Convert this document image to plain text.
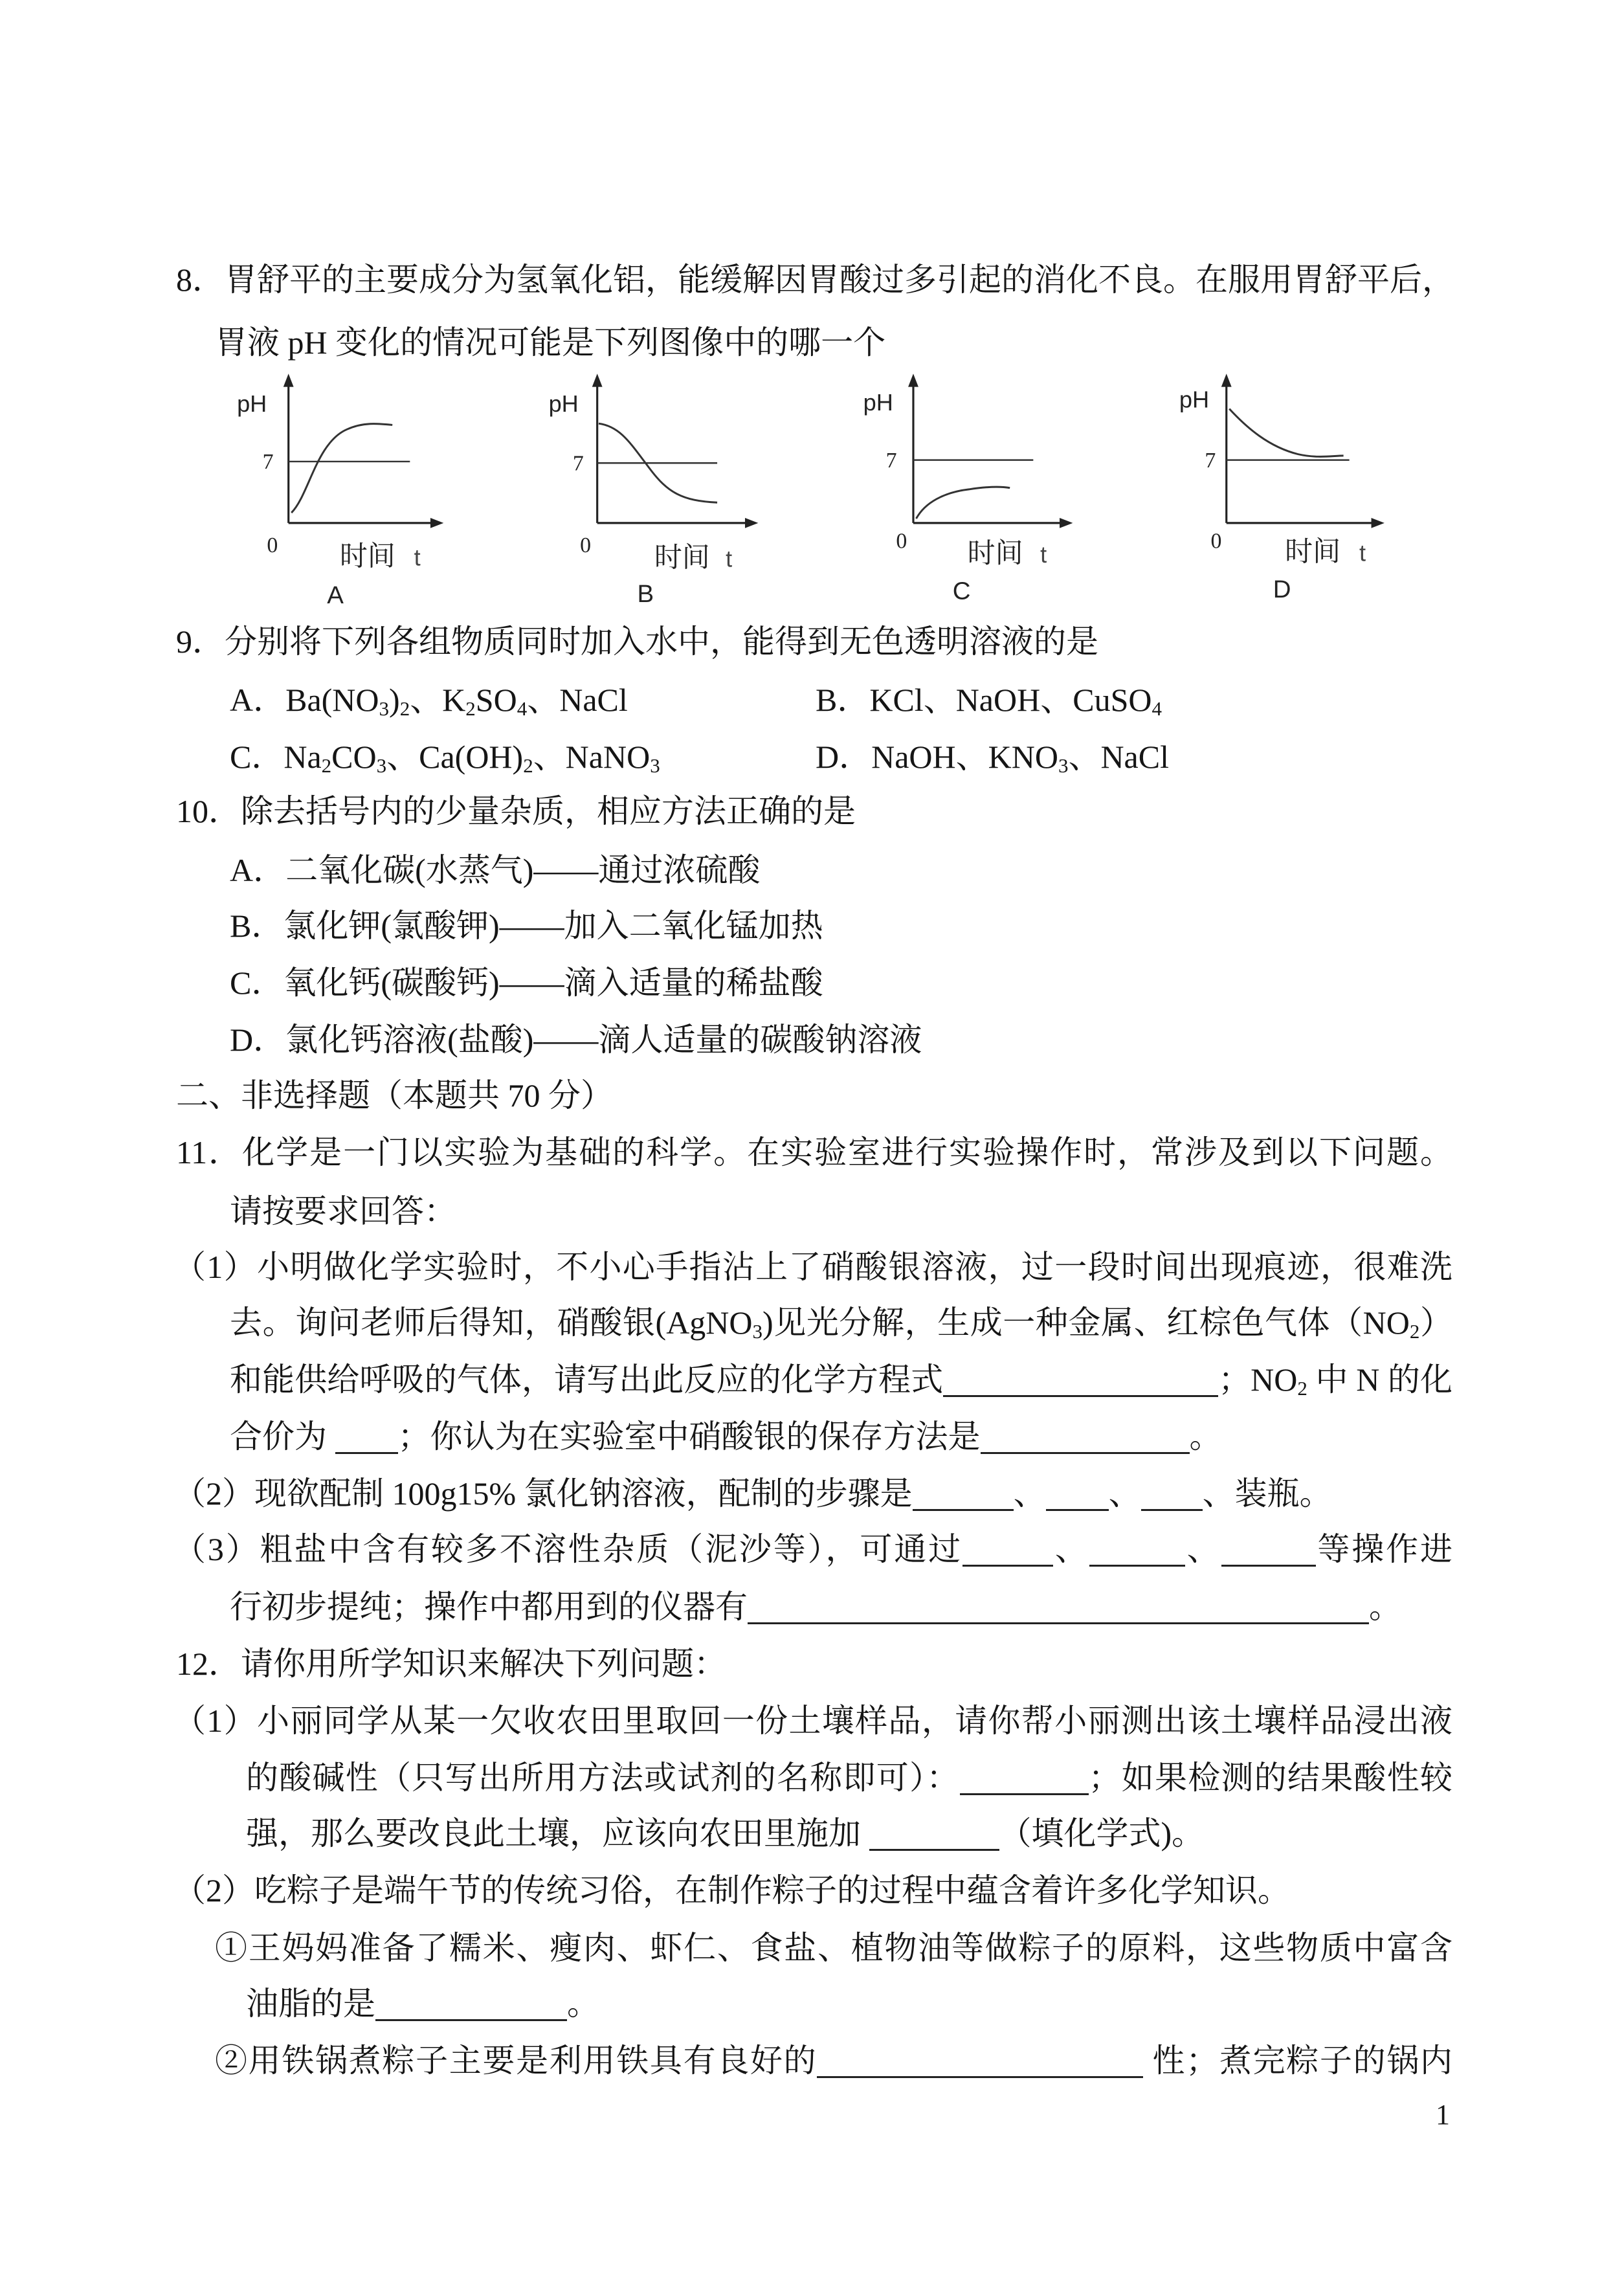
8．胃舒平的主要成分为氢氧化铝，能缓解因胃酸过多引起的消化不良。在服用胃舒平后，
胃液 pH 变化的情况可能是下列图像中的哪一个
pH
7
0	时间 t
A
pH
7
0	时间 t
B
pH
7
0	时间 t
C
pH
7
0	时间 t
D
9．分别将下列各组物质同时加入水中，能得到无色透明溶液的是
A．$Ba(NO_3)_2$、$K_2SO_4$、NaCl	B．KCl、NaOH、CuSO$_4$
C．$Na_2CO_3$、$Ca(OH)_2$、NaNO$_3$	D．NaOH、$KNO_3$、NaCl
10．除去括号内的少量杂质，相应方法正确的是
A．二氧化碳(水蒸气)——通过浓硫酸
B．氯化钾(氯酸钾)——加入二氧化锰加热
C．氧化钙(碳酸钙)——滴入适量的稀盐酸
D．氯化钙溶液(盐酸)——滴人适量的碳酸钠溶液
二、非选择题（本题共 70 分）
11．化学是一门以实验为基础的科学。在实验室进行实验操作时，常涉及到以下问题。
请按要求回答：
（1）小明做化学实验时，不小心手指沾上了硝酸银溶液，过一段时间出现痕迹，很难洗
去。询问老师后得知，硝酸银(AgNO$_3$)见光分解，生成一种金属、红棕色气体$(NO_2)$
和能供给呼吸的气体，请写出此反应的化学方程式	；$NO_2$ 中 N 的化
合价为 ；你认为在实验室中硝酸银的保存方法是	。
（2）现欲配制 100g15% 氯化钠溶液，配制的步骤是	、 、 、装瓶。
（3）粗盐中含有较多不溶性杂质（泥沙等），可通过	、	、	等操作进
行初步提纯；操作中都用到的仪器有	。
12．请你用所学知识来解决下列问题：
（1）小丽同学从某一欠收农田里取回一份土壤样品，请你帮小丽测出该土壤样品浸出液
的酸碱性（只写出所用方法或试剂的名称即可）：	；如果检测的结果酸性较
强，那么要改良此土壤，应该向农田里施加	（填化学式)。
（2）吃粽子是端午节的传统习俗，在制作粽子的过程中蕴含着许多化学知识。
①王妈妈准备了糯米、瘦肉、虾仁、食盐、植物油等做粽子的原料，这些物质中富含
油脂的是	。
②用铁锅煮粽子主要是利用铁具有良好的	性；煮完粽子的锅内
1
